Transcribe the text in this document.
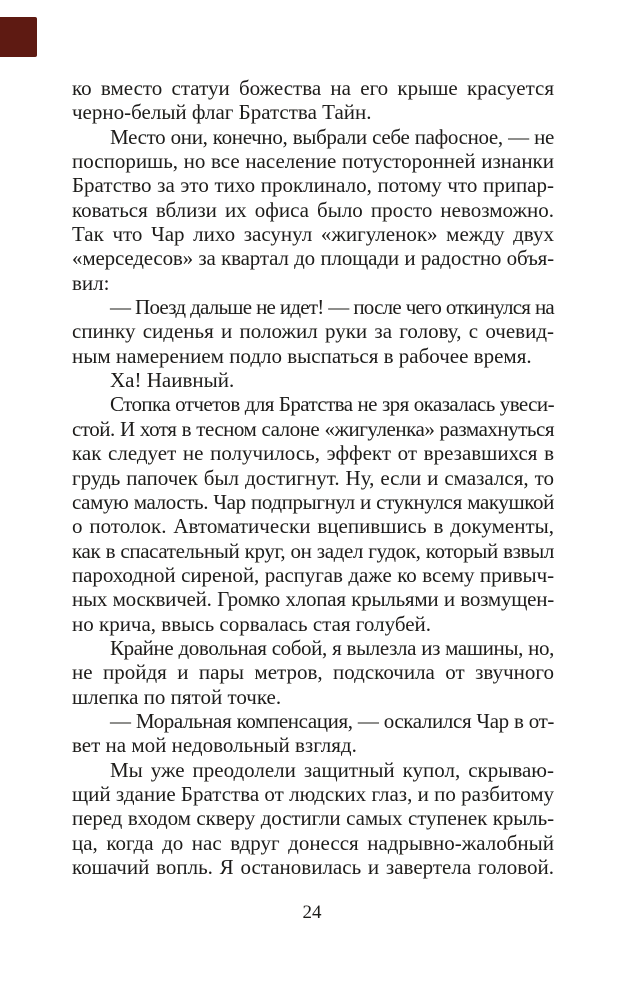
ко вместо статуи божества на его крыше красуется
черно-белый флаг Братства Тайн.
Место они, конечно, выбрали себе пафосное, — не
поспоришь, но все население потусторонней изнанки
Братство за это тихо проклинало, потому что припар-
коваться вблизи их офиса было просто невозможно.
Так что Чар лихо засунул «жигуленок» между двух
«мерседесов» за квартал до площади и радостно объя-
вил:
— Поезд дальше не идет! — после чего откинулся на
спинку сиденья и положил руки за голову, с очевид-
ным намерением подло выспаться в рабочее время.
Ха! Наивный.
Стопка отчетов для Братства не зря оказалась увеси-
стой. И хотя в тесном салоне «жигуленка» размахнуться
как следует не получилось, эффект от врезавшихся в
грудь папочек был достигнут. Ну, если и смазался, то
самую малость. Чар подпрыгнул и стукнулся макушкой
о потолок. Автоматически вцепившись в документы,
как в спасательный круг, он задел гудок, который взвыл
пароходной сиреной, распугав даже ко всему привыч-
ных москвичей. Громко хлопая крыльями и возмущен-
но крича, ввысь сорвалась стая голубей.
Крайне довольная собой, я вылезла из машины, но,
не пройдя и пары метров, подскочила от звучного
шлепка по пятой точке.
— Моральная компенсация, — оскалился Чар в от-
вет на мой недовольный взгляд.
Мы уже преодолели защитный купол, скрываю-
щий здание Братства от людских глаз, и по разбитому
перед входом скверу достигли самых ступенек крыль-
ца, когда до нас вдруг донесся надрывно-жалобный
кошачий вопль. Я остановилась и завертела головой.
24
